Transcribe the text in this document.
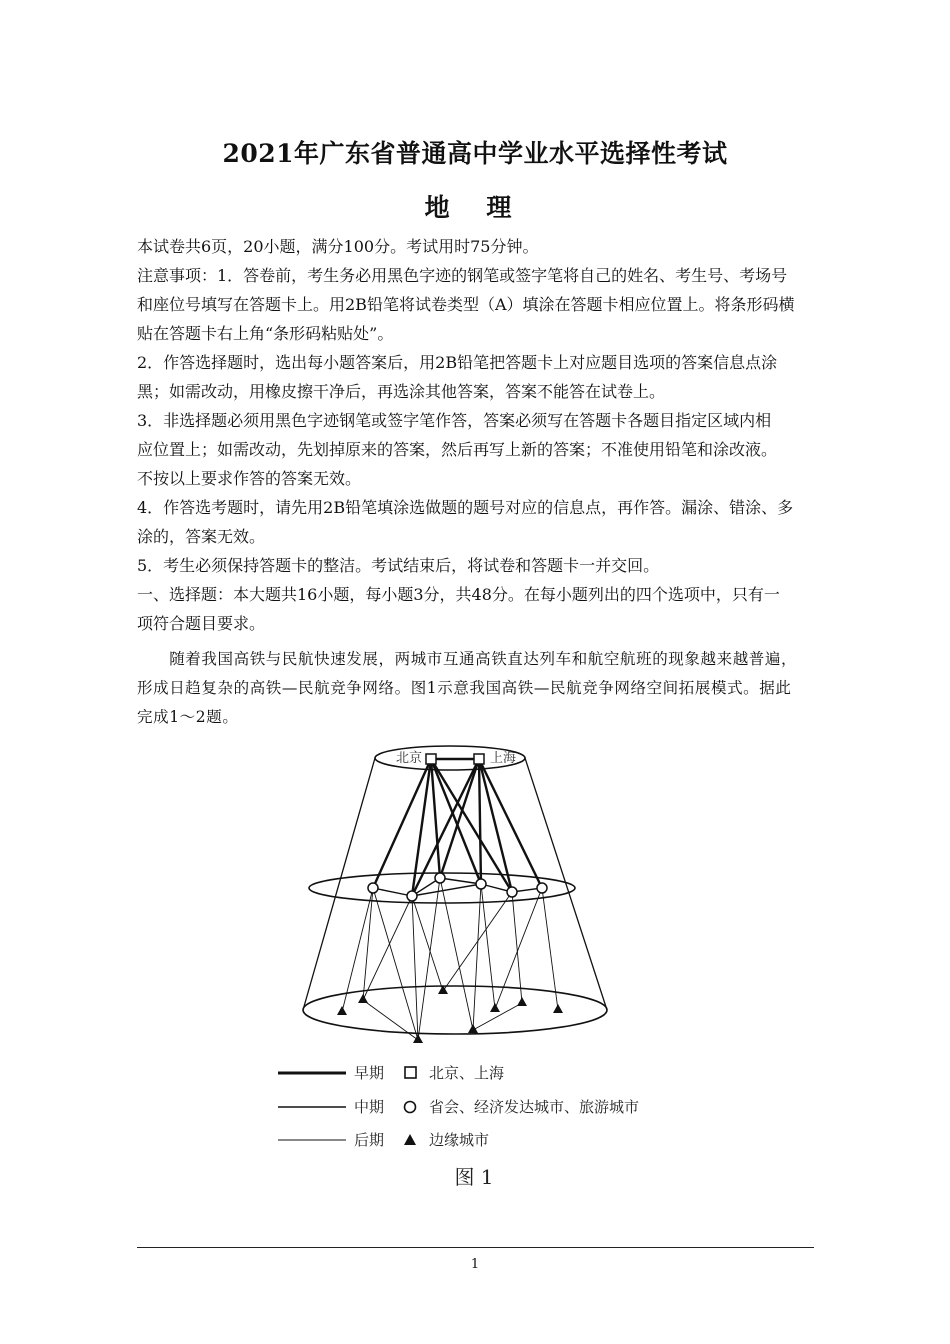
2021年广东省普通高中学业水平选择性考试
地 理

本试卷共6页，20小题，满分100分。考试用时75分钟。

注意事项：1．答卷前，考生务必用黑色字迹的钢笔或签字笔将自己的姓名、考生号、考场号

和座位号填写在答题卡上。用2B铅笔将试卷类型（A）填涂在答题卡相应位置上。将条形码横

贴在答题卡右上角“条形码粘贴处”。

2．作答选择题时，选出每小题答案后，用2B铅笔把答题卡上对应题目选项的答案信息点涂

黑；如需改动，用橡皮擦干净后，再选涂其他答案，答案不能答在试卷上。

3．非选择题必须用黑色字迹钢笔或签字笔作答，答案必须写在答题卡各题目指定区域内相

应位置上；如需改动，先划掉原来的答案，然后再写上新的答案；不准使用铅笔和涂改液。

不按以上要求作答的答案无效。

4．作答选考题时，请先用2B铅笔填涂选做题的题号对应的信息点，再作答。漏涂、错涂、多

涂的，答案无效。

5．考生必须保持答题卡的整洁。考试结束后，将试卷和答题卡一并交回。

一、选择题：本大题共16小题，每小题3分，共48分。在每小题列出的四个选项中，只有一

项符合题目要求。

　　随着我国高铁与民航快速发展，两城市互通高铁直达列车和航空航班的现象越来越普遍，

形成日趋复杂的高铁—民航竞争网络。图1示意我国高铁—民航竞争网络空间拓展模式。据此

完成1～2题。

北京	上海
早期	北京、上海
中期	省会、经济发达城市、旅游城市
后期	边缘城市
图 1
1
